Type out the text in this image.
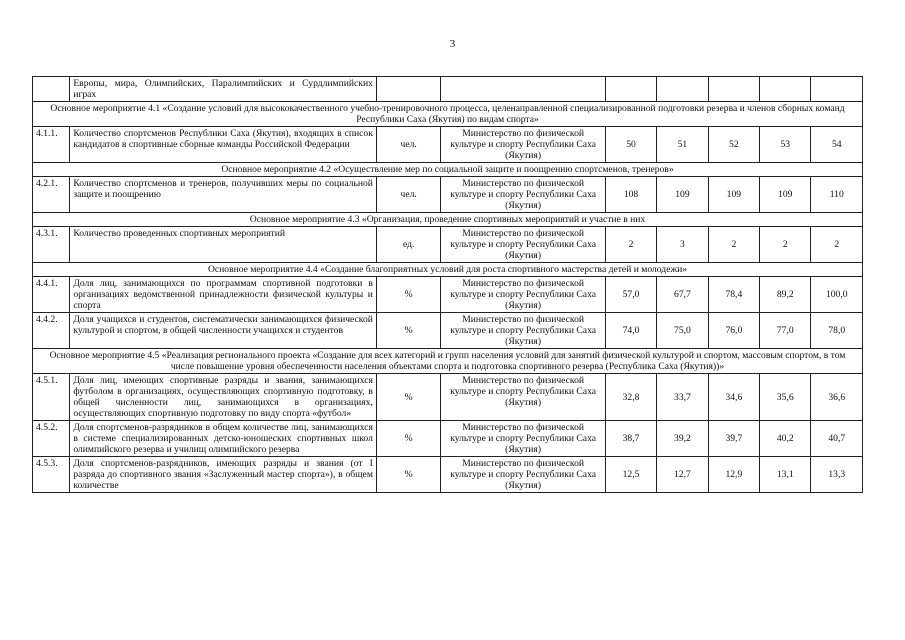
3
	Европы, мира, Олимпийских, Паралимпийских и Сурдлимпийских играх							
Основное мероприятие 4.1 «Создание условий для высококачественного учебно-тренировочного процесса, целенаправленной специализированной подготовки резерва и членов сборных команд Республики Саха (Якутия) по видам спорта»								
4.1.1.	Количество спортсменов Республики Саха (Якутия), входящих в список кандидатов в спортивные сборные команды Российской Федерации	чел.	Министерство по физической культуре и спорту Республики Саха (Якутия)	50	51	52	53	54
Основное мероприятие 4.2 «Осуществление мер по социальной защите и поощрению спортсменов, тренеров»								
4.2.1.	Количество спортсменов и тренеров, получивших меры по социальной защите и поощрению	чел.	Министерство по физической культуре и спорту Республики Саха (Якутия)	108	109	109	109	110
Основное мероприятие 4.3 «Организация, проведение спортивных мероприятий и участие в них								
4.3.1.	Количество проведенных спортивных мероприятий	ед.	Министерство по физической культуре и спорту Республики Саха (Якутия)	2	3	2	2	2
Основное мероприятие 4.4 «Создание благоприятных условий для роста спортивного мастерства детей и молодежи»								
4.4.1.	Доля лиц, занимающихся по программам спортивной подготовки в организациях ведомственной принадлежности физической культуры и спорта	%	Министерство по физической культуре и спорту Республики Саха (Якутия)	57,0	67,7	78,4	89,2	100,0
4.4.2.	Доля учащихся и студентов, систематически занимающихся физической культурой и спортом, в общей численности учащихся и студентов	%	Министерство по физической культуре и спорту Республики Саха (Якутия)	74,0	75,0	76,0	77,0	78,0
Основное мероприятие 4.5 «Реализация регионального проекта «Создание для всех категорий и групп населения условий для занятий физической культурой и спортом, массовым спортом, в том числе повышение уровня обеспеченности населения объектами спорта и подготовка спортивного резерва (Республика Саха (Якутия))»								
4.5.1.	Доля лиц, имеющих спортивные разряды и звания, занимающихся футболом в организациях, осуществляющих спортивную подготовку, в общей численности лиц, занимающихся в организациях, осуществляющих спортивную подготовку по виду спорта «футбол»	%	Министерство по физической культуре и спорту Республики Саха (Якутия)	32,8	33,7	34,6	35,6	36,6
4.5.2.	Доля спортсменов-разрядников в общем количестве лиц, занимающихся в системе специализированных детско-юношеских спортивных школ олимпийского резерва и училищ олимпийского резерва	%	Министерство по физической культуре и спорту Республики Саха (Якутия)	38,7	39,2	39,7	40,2	40,7
4.5.3.	Доля спортсменов-разрядников, имеющих разряды и звания (от I разряда до спортивного звания «Заслуженный мастер спорта»), в общем количестве	%	Министерство по физической культуре и спорту Республики Саха (Якутия)	12,5	12,7	12,9	13,1	13,3
